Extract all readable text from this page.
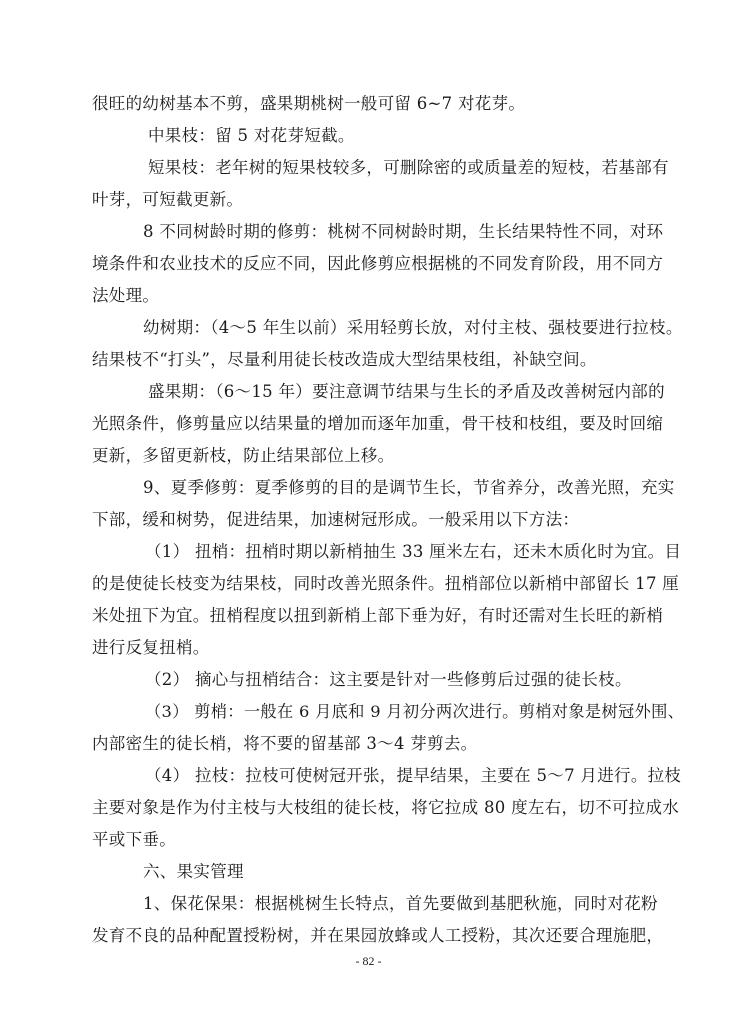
很旺的幼树基本不剪，盛果期桃树一般可留 6~7 对花芽。
中果枝：留 5 对花芽短截。
短果枝：老年树的短果枝较多，可删除密的或质量差的短枝，若基部有
叶芽，可短截更新。
8 不同树龄时期的修剪：桃树不同树龄时期，生长结果特性不同，对环
境条件和农业技术的反应不同，因此修剪应根据桃的不同发育阶段，用不同方
法处理。
幼树期：（4～5 年生以前）采用轻剪长放，对付主枝、强枝要进行拉枝。
结果枝不“打头”，尽量利用徒长枝改造成大型结果枝组，补缺空间。
盛果期：（6～15 年）要注意调节结果与生长的矛盾及改善树冠内部的
光照条件，修剪量应以结果量的增加而逐年加重，骨干枝和枝组，要及时回缩
更新，多留更新枝，防止结果部位上移。
9、夏季修剪：夏季修剪的目的是调节生长，节省养分，改善光照，充实
下部，缓和树势，促进结果，加速树冠形成。一般采用以下方法：
（1） 扭梢：扭梢时期以新梢抽生 33 厘米左右，还未木质化时为宜。目
的是使徒长枝变为结果枝，同时改善光照条件。扭梢部位以新梢中部留长 17 厘
米处扭下为宜。扭梢程度以扭到新梢上部下垂为好，有时还需对生长旺的新梢
进行反复扭梢。
（2） 摘心与扭梢结合：这主要是针对一些修剪后过强的徒长枝。
（3） 剪梢：一般在 6 月底和 9 月初分两次进行。剪梢对象是树冠外围、
内部密生的徒长梢，将不要的留基部 3～4 芽剪去。
（4） 拉枝：拉枝可使树冠开张，提早结果，主要在 5～7 月进行。拉枝
主要对象是作为付主枝与大枝组的徒长枝，将它拉成 80 度左右，切不可拉成水
平或下垂。
六、果实管理
1、保花保果：根据桃树生长特点，首先要做到基肥秋施，同时对花粉
发育不良的品种配置授粉树，并在果园放蜂或人工授粉，其次还要合理施肥，
- 82 -
